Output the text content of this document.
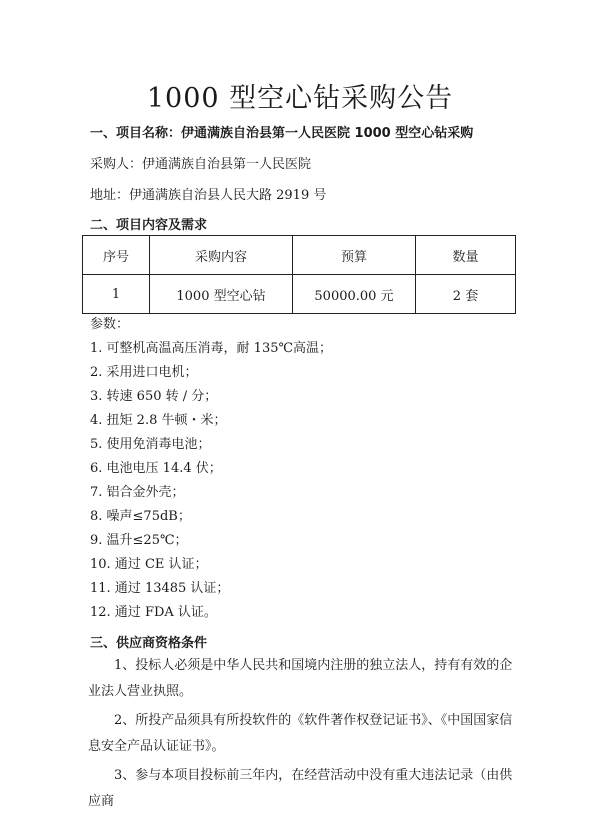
1000 型空心钻采购公告
一、项目名称：伊通满族自治县第一人民医院 1000 型空心钻采购
采购人：伊通满族自治县第一人民医院
地址：伊通满族自治县人民大路 2919 号
二、项目内容及需求
序号	采购内容	预算	数量
1	1000 型空心钻	50000.00 元	2 套
参数：
1. 可整机高温高压消毒，耐 135℃高温；
2. 采用进口电机；
3. 转速 650 转 / 分；
4. 扭矩 2.8 牛顿・米；
5. 使用免消毒电池；
6. 电池电压 14.4 伏；
7. 铝合金外壳；
8. 噪声≤75dB；
9. 温升≤25℃；
10. 通过 CE 认证；
11. 通过 13485 认证；
12. 通过 FDA 认证。
三、供应商资格条件
1、投标人必须是中华人民共和国境内注册的独立法人，持有有效的企业法人营业执照。
2、所投产品须具有所投软件的《软件著作权登记证书》、《中国国家信息安全产品认证证书》。
3、参与本项目投标前三年内，在经营活动中没有重大违法记录（由供应商
